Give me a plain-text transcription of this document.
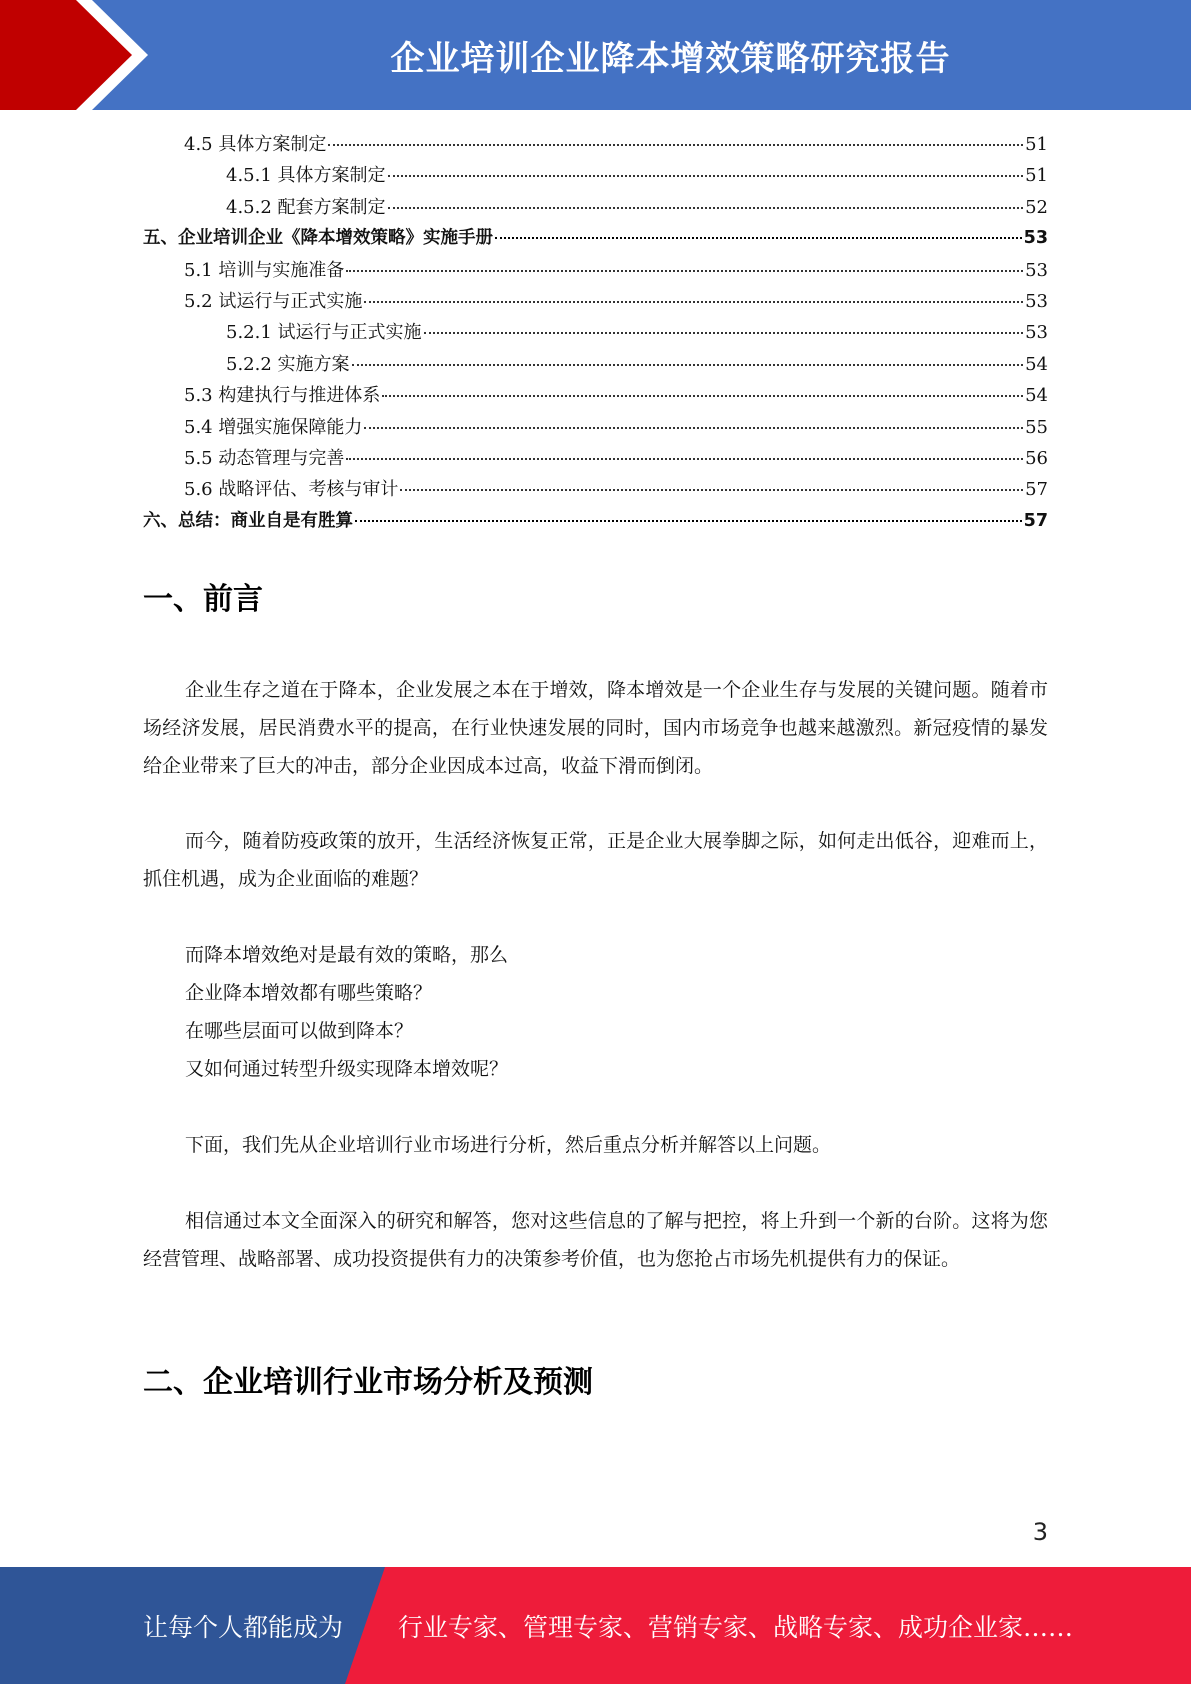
企业培训企业降本增效策略研究报告
4.5 具体方案制定	51
4.5.1 具体方案制定	51
4.5.2 配套方案制定	52
五、企业培训企业《降本增效策略》实施手册	53
5.1 培训与实施准备	53
5.2 试运行与正式实施	53
5.2.1 试运行与正式实施	53
5.2.2 实施方案	54
5.3 构建执行与推进体系	54
5.4 增强实施保障能力	55
5.5 动态管理与完善	56
5.6 战略评估、考核与审计	57
六、总结：商业自是有胜算	57
一、前言
企业生存之道在于降本，企业发展之本在于增效，降本增效是一个企业生存与发展的关键问题。随着市场经济发展，居民消费水平的提高，在行业快速发展的同时，国内市场竞争也越来越激烈。新冠疫情的暴发给企业带来了巨大的冲击，部分企业因成本过高，收益下滑而倒闭。
而今，随着防疫政策的放开，生活经济恢复正常，正是企业大展拳脚之际，如何走出低谷，迎难而上，抓住机遇，成为企业面临的难题？
而降本增效绝对是最有效的策略，那么
企业降本增效都有哪些策略？
在哪些层面可以做到降本？
又如何通过转型升级实现降本增效呢？
下面，我们先从企业培训行业市场进行分析，然后重点分析并解答以上问题。
相信通过本文全面深入的研究和解答，您对这些信息的了解与把控，将上升到一个新的台阶。这将为您经营管理、战略部署、成功投资提供有力的决策参考价值，也为您抢占市场先机提供有力的保证。
二、企业培训行业市场分析及预测
3
让每个人都能成为 行业专家、管理专家、营销专家、战略专家、成功企业家……
